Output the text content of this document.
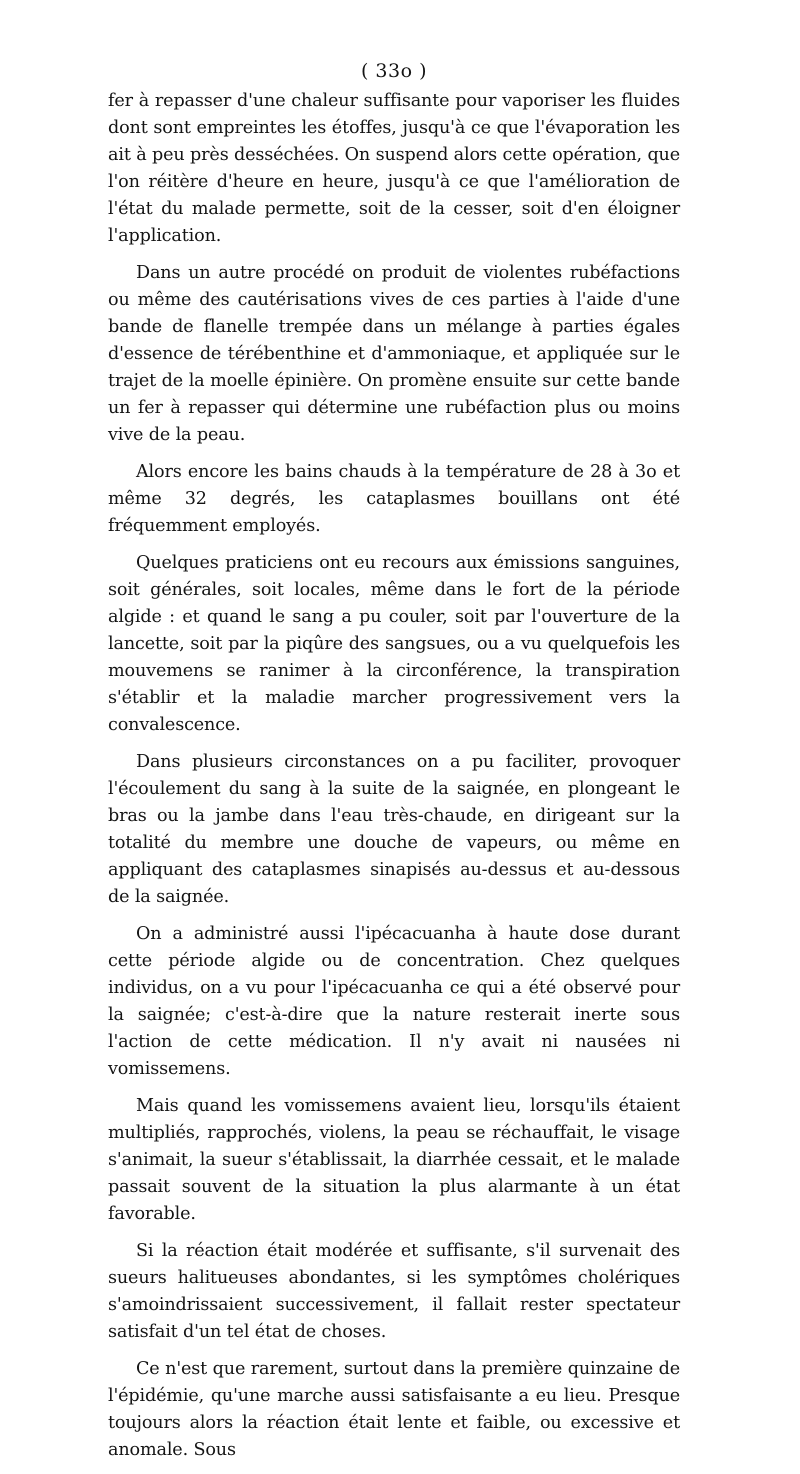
( 33o )

fer à repasser d'une chaleur suffisante pour vaporiser les fluides dont sont empreintes les étoffes, jusqu'à ce que l'évaporation les ait à peu près desséchées. On suspend alors cette opération, que l'on réitère d'heure en heure, jusqu'à ce que l'amélioration de l'état du malade permette, soit de la cesser, soit d'en éloigner l'application.

Dans un autre procédé on produit de violentes rubéfactions ou même des cautérisations vives de ces parties à l'aide d'une bande de flanelle trempée dans un mélange à parties égales d'essence de térébenthine et d'ammoniaque, et appliquée sur le trajet de la moelle épinière. On promène ensuite sur cette bande un fer à repasser qui détermine une rubéfaction plus ou moins vive de la peau.

Alors encore les bains chauds à la température de 28 à 3o et même 32 degrés, les cataplasmes bouillans ont été fréquemment employés.

Quelques praticiens ont eu recours aux émissions sanguines, soit générales, soit locales, même dans le fort de la période algide : et quand le sang a pu couler, soit par l'ouverture de la lancette, soit par la piqûre des sangsues, ou a vu quelquefois les mouvemens se ranimer à la circonférence, la transpiration s'établir et la maladie marcher progressivement vers la convalescence.

Dans plusieurs circonstances on a pu faciliter, provoquer l'écoulement du sang à la suite de la saignée, en plongeant le bras ou la jambe dans l'eau très-chaude, en dirigeant sur la totalité du membre une douche de vapeurs, ou même en appliquant des cataplasmes sinapisés au-dessus et au-dessous de la saignée.

On a administré aussi l'ipécacuanha à haute dose durant cette période algide ou de concentration. Chez quelques individus, on a vu pour l'ipécacuanha ce qui a été observé pour la saignée; c'est-à-dire que la nature resterait inerte sous l'action de cette médication. Il n'y avait ni nausées ni vomissemens.

Mais quand les vomissemens avaient lieu, lorsqu'ils étaient multipliés, rapprochés, violens, la peau se réchauffait, le visage s'animait, la sueur s'établissait, la diarrhée cessait, et le malade passait souvent de la situation la plus alarmante à un état favorable.

Si la réaction était modérée et suffisante, s'il survenait des sueurs halitueuses abondantes, si les symptômes cholériques s'amoindrissaient successivement, il fallait rester spectateur satisfait d'un tel état de choses.

Ce n'est que rarement, surtout dans la première quinzaine de l'épidémie, qu'une marche aussi satisfaisante a eu lieu. Presque toujours alors la réaction était lente et faible, ou excessive et anomale. Sous
